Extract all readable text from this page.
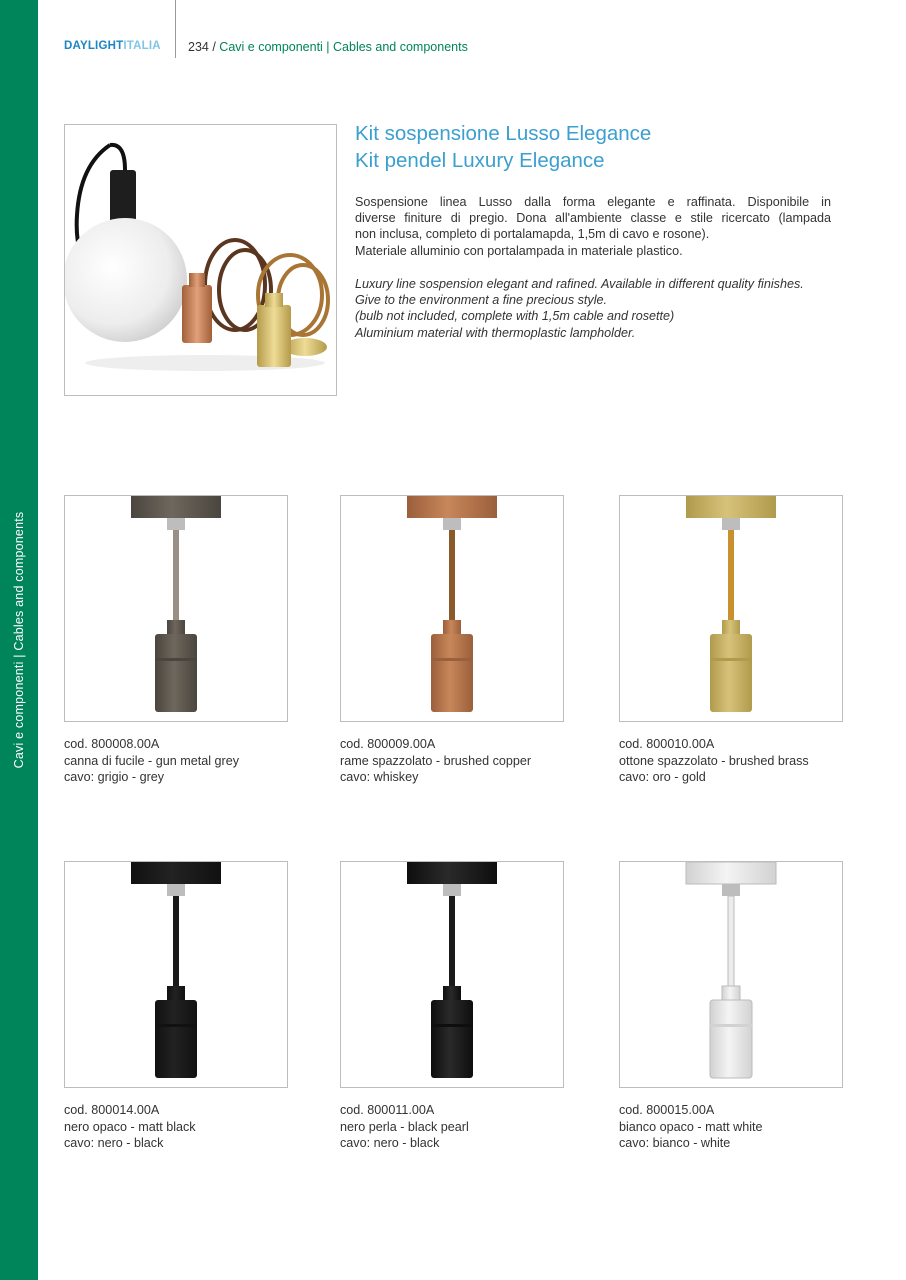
Cavi e componenti | Cables and components
DAYLIGHTITALIA 234 / Cavi e componenti | Cables and components
Kit sospensione Lusso Elegance
Kit pendel Luxury Elegance
Sospensione linea Lusso dalla forma elegante e raffinata. Disponibile in
diverse finiture di pregio. Dona all'ambiente classe e stile ricercato (lampada
non inclusa, completo di portalamapda, 1,5m di cavo e rosone).
Materiale alluminio con portalampada in materiale plastico.
Luxury line sospension elegant and rafined. Available in different quality finishes.
Give to the environment a fine precious style.
(bulb not included, complete with 1,5m cable and rosette)
Aluminium material with thermoplastic lampholder.
cod. 800008.00A
canna di fucile - gun metal grey
cavo: grigio - grey
cod. 800009.00A
rame spazzolato - brushed copper
cavo: whiskey
cod. 800010.00A
ottone spazzolato - brushed brass
cavo: oro - gold
cod. 800014.00A
nero opaco - matt black
cavo: nero - black
cod. 800011.00A
nero perla - black pearl
cavo: nero - black
cod. 800015.00A
bianco opaco - matt white
cavo: bianco - white
